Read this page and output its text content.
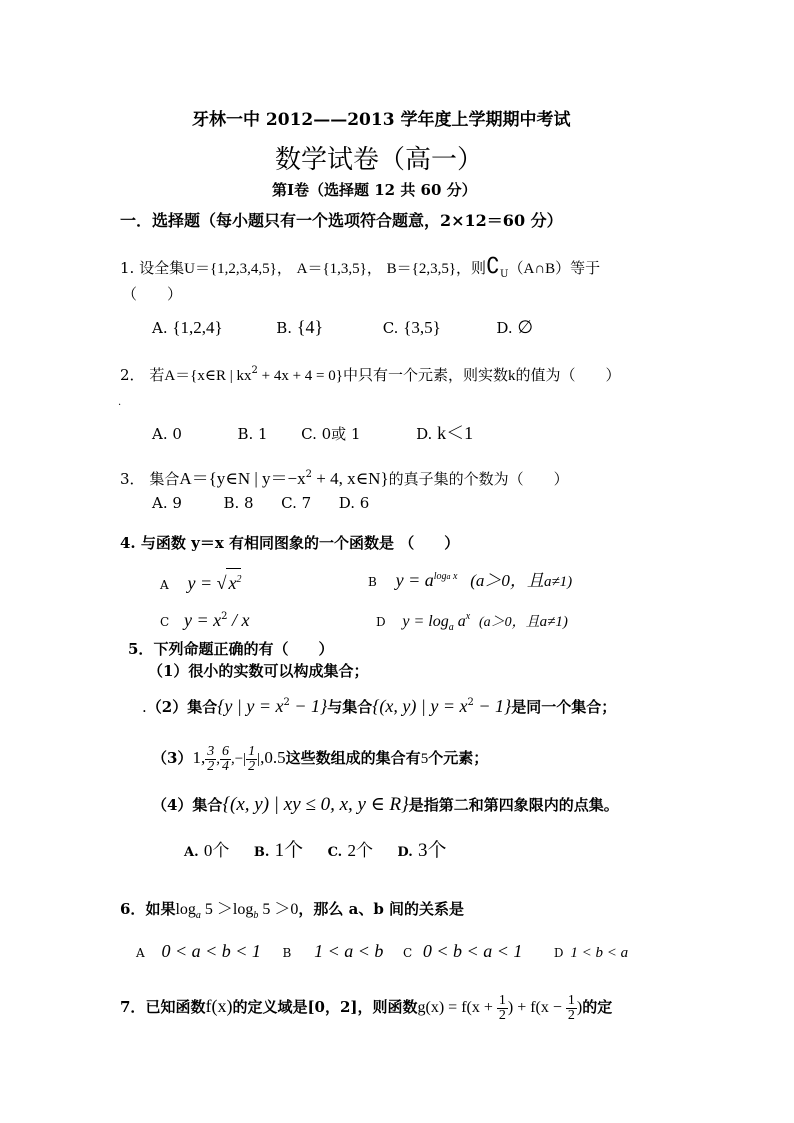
牙林一中 2012——2013 学年度上学期期中考试
数学试卷（高一）
第Ⅰ卷（选择题 12 共 60 分）
一．选择题（每小题只有一个选项符合题意，2×12＝60 分）
1. 设全集U＝{1,2,3,4,5}， A＝{1,3,5}， B＝{2,3,5}，则$∁_U(A\cap B)$等于
（　　）
A. {1,2,4}	B. {4}	C. {3,5}	D. ∅
2． 若A＝{x∈R | $kx^2 + 4x + 4 = 0$}中只有一个元素，则实数k的值为（　　）
.
A. 0	B. 1 C. 0或 1	D. k＜1
3． 集合A＝{y∈N | $y=-x^2 + 4$, x∈N}的真子集的个数为（　　）
A. 9	B. 8 C. 7 D. 6
4. 与函数 y＝x 有相同图象的一个函数是 （　　）
A y = √ $x^2$	B $y = a^{loga x}$ (a＞0，且a≠1)
C $y = x^2 / x$	D $y = \log_a a^x$ (a＞0，且a≠1)
5．下列命题正确的有（　　）
（1）很小的实数可以构成集合；
.（2）集合{y | $y = x^2 - 1$}与集合{(x, y) | $y = x^2 - 1$}是同一个集合；
（3）1, $\frac{3}{2}$ , $\frac{6}{4}$ ,−| $\frac{1}{2} |,0.5$这些数组成的集合有5个元素；
（4）集合{(x, y) | xy ≤ 0, x, y ∈ R}是指第二和第四象限内的点集。
A. 0个 B. 1个 C. 2个 D. 3个
6．如果$\log_a 5 >\log_b$ 5 ＞0，那么 a、b 间的关系是
A 0 < a < b < 1 B 1 < a < b C 0 < b < a < 1	D 1 < b < a
7．已知函数f(x)的定义域是[0，2]，则函数$g(x) = f(x + \frac{1}{2}$ ) + $f(x - \frac{1}{2}$ )的定
